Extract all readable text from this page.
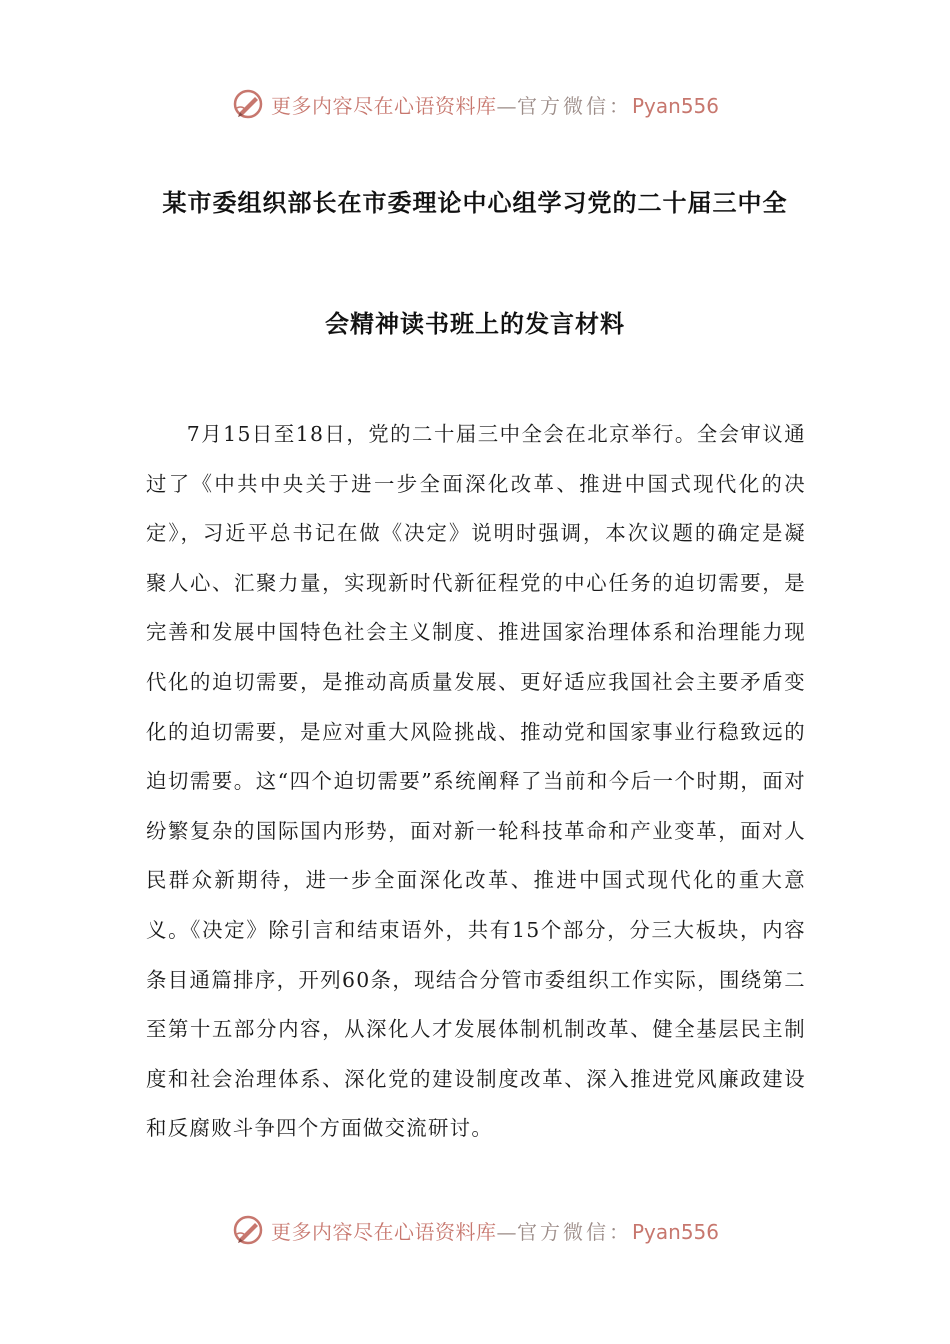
更多内容尽在心语资料库—官方微信：Pyan556
某市委组织部长在市委理论中心组学习党的二十届三中全
会精神读书班上的发言材料

7月15日至18日，党的二十届三中全会在北京举行。全会审议通过了《中共中央关于进一步全面深化改革、推进中国式现代化的决定》，习近平总书记在做《决定》说明时强调，本次议题的确定是凝聚人心、汇聚力量，实现新时代新征程党的中心任务的迫切需要，是完善和发展中国特色社会主义制度、推进国家治理体系和治理能力现代化的迫切需要，是推动高质量发展、更好适应我国社会主要矛盾变化的迫切需要，是应对重大风险挑战、推动党和国家事业行稳致远的迫切需要。这“四个迫切需要”系统阐释了当前和今后一个时期，面对纷繁复杂的国际国内形势，面对新一轮科技革命和产业变革，面对人民群众新期待，进一步全面深化改革、推进中国式现代化的重大意义。《决定》除引言和结束语外，共有15个部分，分三大板块，内容条目通篇排序，开列60条，现结合分管市委组织工作实际，围绕第二至第十五部分内容，从深化人才发展体制机制改革、健全基层民主制度和社会治理体系、深化党的建设制度改革、深入推进党风廉政建设和反腐败斗争四个方面做交流研讨。

更多内容尽在心语资料库—官方微信：Pyan556
